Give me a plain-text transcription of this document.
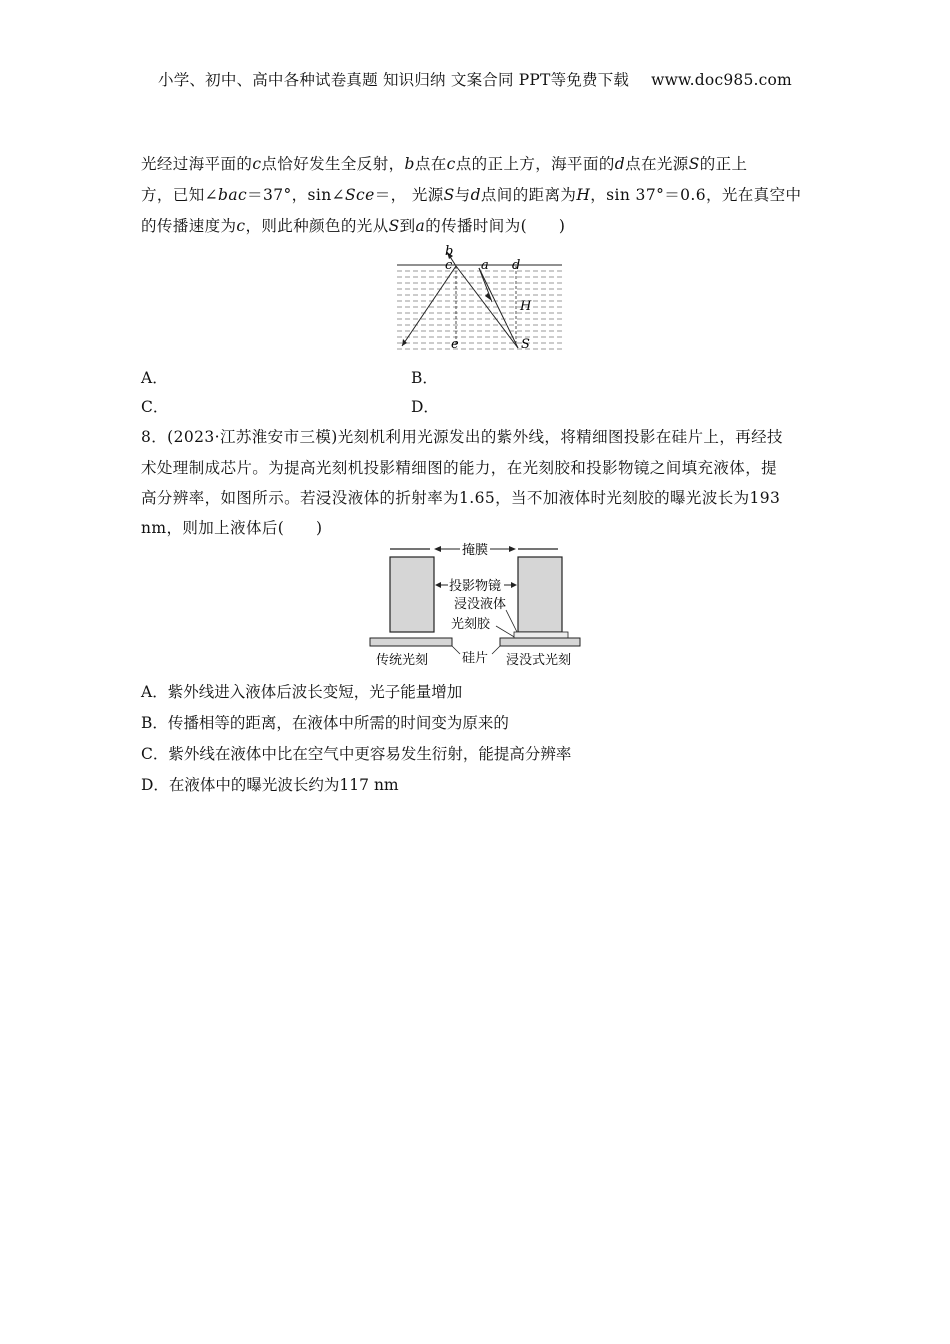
小学、初中、高中各种试卷真题 知识归纳 文案合同 PPT等免费下载 www.doc985.com
光经过海平面的c点恰好发生全反射，b点在c点的正上方，海平面的d点在光源S的正上
方，已知∠bac＝37°，sin∠Sce＝， 光源S与d点间的距离为H，sin 37°＝0.6，光在真空中
的传播速度为c，则此种颜色的光从S到a的传播时间为(　　)
b
c a d
H
e	S
A．	B．
C．	D．
8．(2023·江苏淮安市三模)光刻机利用光源发出的紫外线，将精细图投影在硅片上，再经技
术处理制成芯片。为提高光刻机投影精细图的能力，在光刻胶和投影物镜之间填充液体，提
高分辨率，如图所示。若浸没液体的折射率为1.65，当不加液体时光刻胶的曝光波长为193
nm，则加上液体后(　　)
掩膜
投影物镜
浸没液体
光刻胶
硅片
传统光刻	浸没式光刻
A．紫外线进入液体后波长变短，光子能量增加
B．传播相等的距离，在液体中所需的时间变为原来的
C．紫外线在液体中比在空气中更容易发生衍射，能提高分辨率
D．在液体中的曝光波长约为117 nm
